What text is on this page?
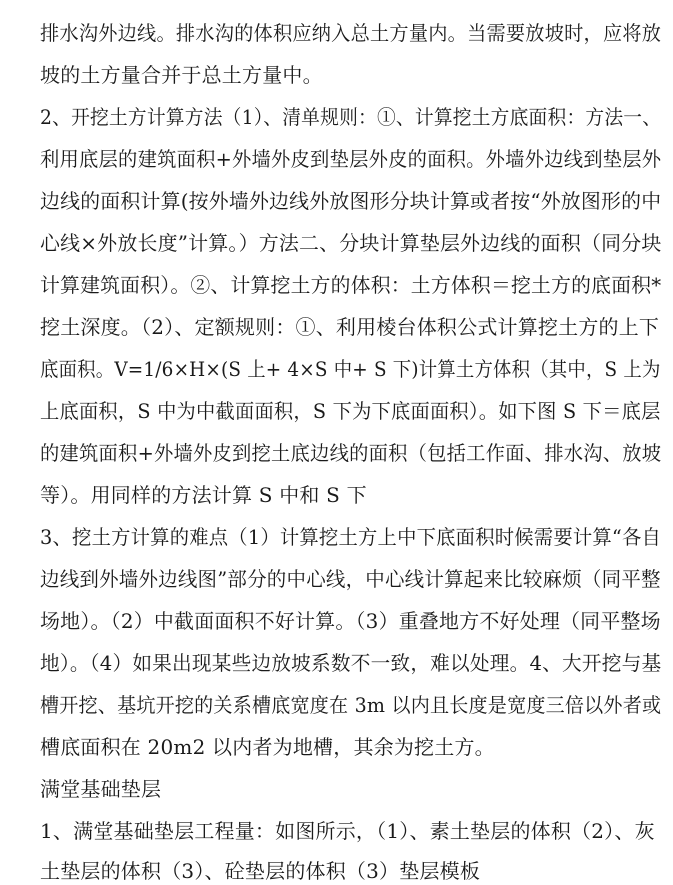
排水沟外边线。排水沟的体积应纳入总土方量内。当需要放坡时，应将放
坡的土方量合并于总土方量中。
2、开挖土方计算方法（1）、清单规则：①、计算挖土方底面积：方法一、
利用底层的建筑面积+外墙外皮到垫层外皮的面积。外墙外边线到垫层外
边线的面积计算(按外墙外边线外放图形分块计算或者按“外放图形的中
心线×外放长度”计算。）方法二、分块计算垫层外边线的面积（同分块
计算建筑面积）。②、计算挖土方的体积：土方体积＝挖土方的底面积*
挖土深度。（2）、定额规则：①、利用棱台体积公式计算挖土方的上下
底面积。V=1/6×H×(S 上+ 4×S 中+ S 下)计算土方体积（其中，S 上为
上底面积，S 中为中截面面积，S 下为下底面面积）。如下图 S 下＝底层
的建筑面积+外墙外皮到挖土底边线的面积（包括工作面、排水沟、放坡
等）。用同样的方法计算 S 中和 S 下
3、挖土方计算的难点（1）计算挖土方上中下底面积时候需要计算“各自
边线到外墙外边线图”部分的中心线，中心线计算起来比较麻烦（同平整
场地）。（2）中截面面积不好计算。（3）重叠地方不好处理（同平整场
地）。（4）如果出现某些边放坡系数不一致，难以处理。4、大开挖与基
槽开挖、基坑开挖的关系槽底宽度在 3m 以内且长度是宽度三倍以外者或
槽底面积在 20m2 以内者为地槽，其余为挖土方。
满堂基础垫层
1、满堂基础垫层工程量：如图所示，（1）、素土垫层的体积（2）、灰
土垫层的体积（3）、砼垫层的体积（3）垫层模板
